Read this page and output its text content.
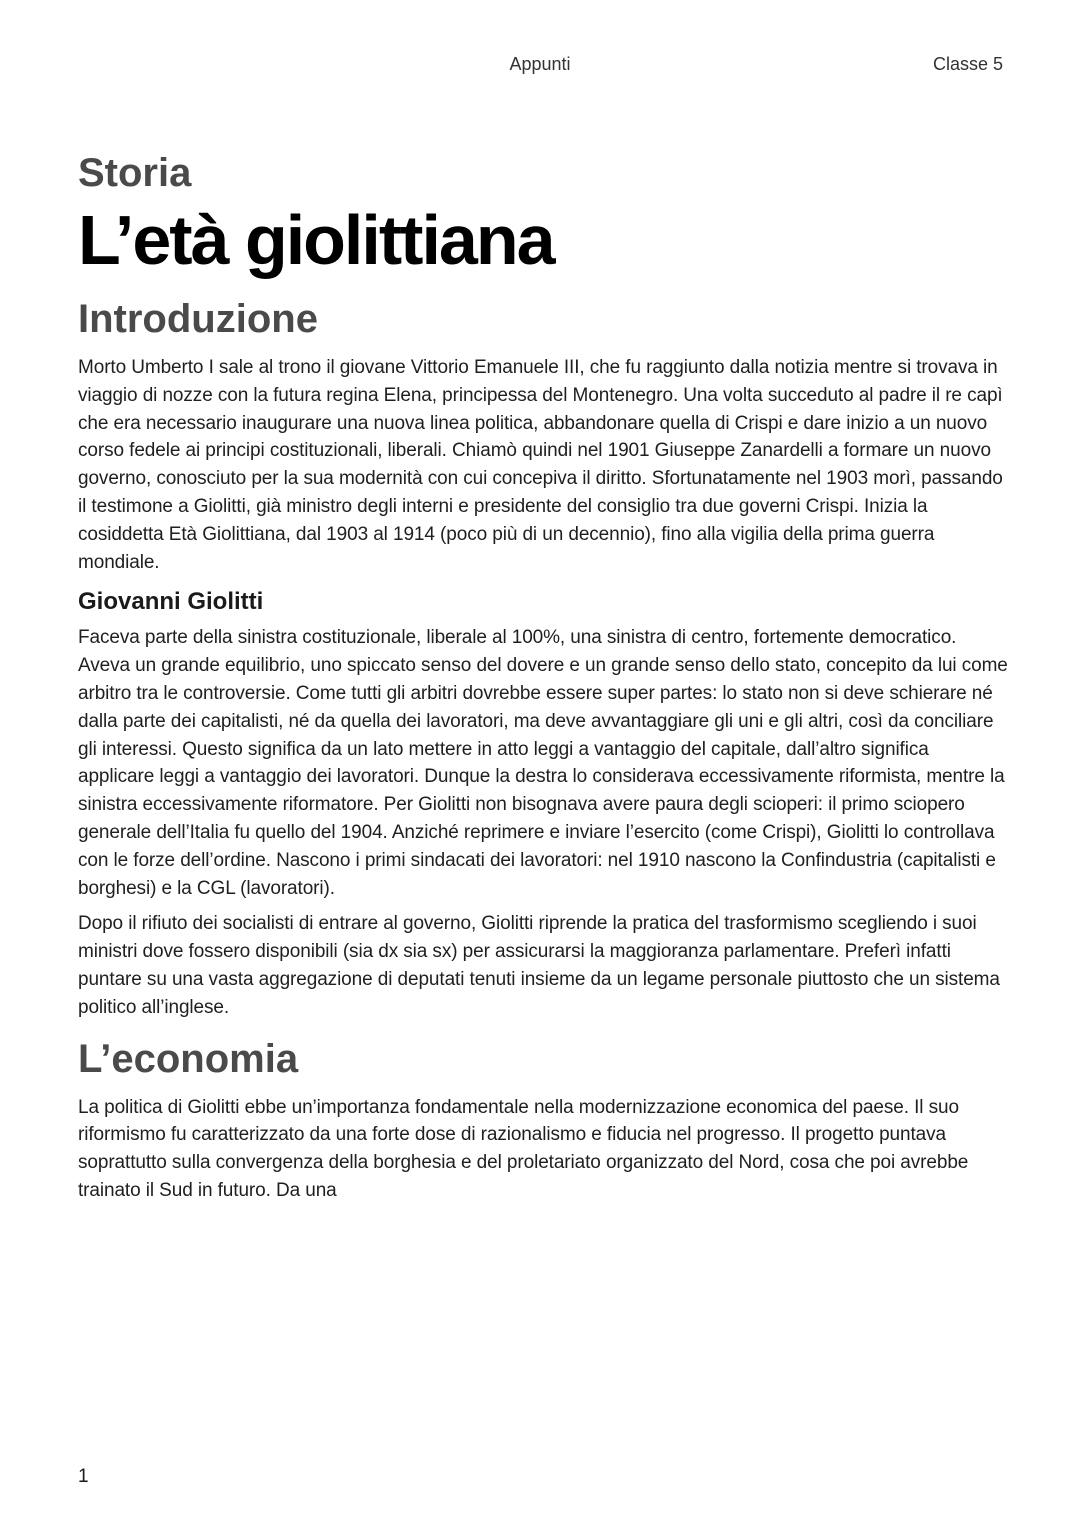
Appunti	Classe 5
Storia
L’età giolittiana
Introduzione

Morto Umberto I sale al trono il giovane Vittorio Emanuele III, che fu raggiunto dalla notizia mentre si trovava in viaggio di nozze con la futura regina Elena, principessa del Montenegro. Una volta succeduto al padre il re capì che era necessario inaugurare una nuova linea politica, abbandonare quella di Crispi e dare inizio a un nuovo corso fedele ai principi costituzionali, liberali. Chiamò quindi nel 1901 Giuseppe Zanardelli a formare un nuovo governo, conosciuto per la sua modernità con cui concepiva il diritto. Sfortunatamente nel 1903 morì, passando il testimone a Giolitti, già ministro degli interni e presidente del consiglio tra due governi Crispi. Inizia la cosiddetta Età Giolittiana, dal 1903 al 1914 (poco più di un decennio), fino alla vigilia della prima guerra mondiale.

Giovanni Giolitti

Faceva parte della sinistra costituzionale, liberale al 100%, una sinistra di centro, fortemente democratico. Aveva un grande equilibrio, uno spiccato senso del dovere e un grande senso dello stato, concepito da lui come arbitro tra le controversie. Come tutti gli arbitri dovrebbe essere super partes: lo stato non si deve schierare né dalla parte dei capitalisti, né da quella dei lavoratori, ma deve avvantaggiare gli uni e gli altri, così da conciliare gli interessi. Questo significa da un lato mettere in atto leggi a vantaggio del capitale, dall’altro significa applicare leggi a vantaggio dei lavoratori. Dunque la destra lo considerava eccessivamente riformista, mentre la sinistra eccessivamente riformatore. Per Giolitti non bisognava avere paura degli scioperi: il primo sciopero generale dell’Italia fu quello del 1904. Anziché reprimere e inviare l’esercito (come Crispi), Giolitti lo controllava con le forze dell’ordine. Nascono i primi sindacati dei lavoratori: nel 1910 nascono la Confindustria (capitalisti e borghesi) e la CGL (lavoratori).

Dopo il rifiuto dei socialisti di entrare al governo, Giolitti riprende la pratica del trasformismo scegliendo i suoi ministri dove fossero disponibili (sia dx sia sx) per assicurarsi la maggioranza parlamentare. Preferì infatti puntare su una vasta aggregazione di deputati tenuti insieme da un legame personale piuttosto che un sistema politico all’inglese.

L’economia

La politica di Giolitti ebbe un’importanza fondamentale nella modernizzazione economica del paese. Il suo riformismo fu caratterizzato da una forte dose di razionalismo e fiducia nel progresso. Il progetto puntava soprattutto sulla convergenza della borghesia e del proletariato organizzato del Nord, cosa che poi avrebbe trainato il Sud in futuro. Da una

1
